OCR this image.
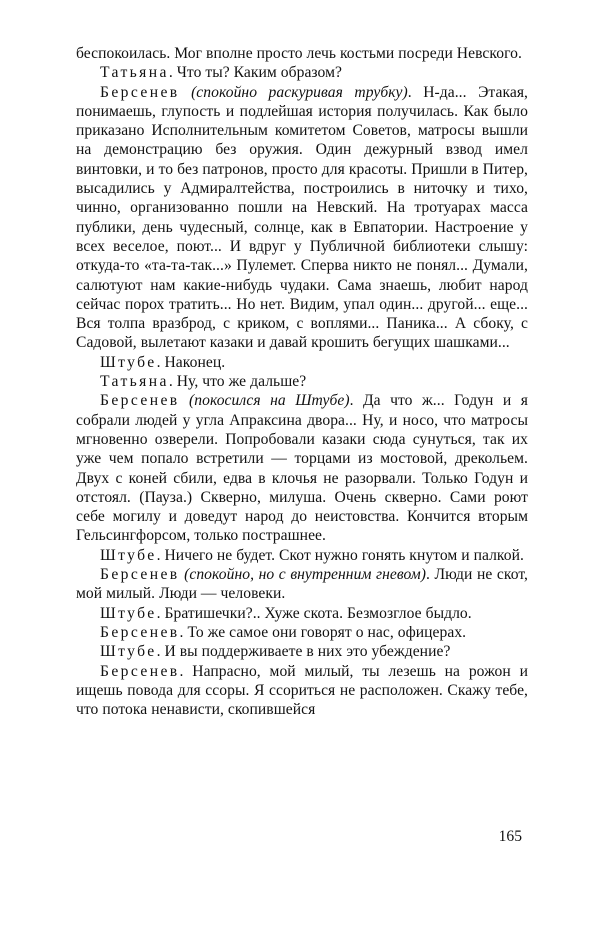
беспокоилась. Мог вполне просто лечь костьми посреди Невского.

Татьяна. Что ты? Каким образом?

Берсенев (спокойно раскуривая трубку). Н-да... Этакая, понимаешь, глупость и подлейшая история получилась. Как было приказано Исполнительным комитетом Советов, матросы вышли на демонстрацию без оружия. Один дежурный взвод имел винтовки, и то без патронов, просто для красоты. Пришли в Питер, высадились у Адмиралтейства, построились в ниточку и тихо, чинно, организованно пошли на Невский. На тротуарах масса публики, день чудесный, солнце, как в Евпатории. Настроение у всех веселое, поют... И вдруг у Публичной библиотеки слышу: откуда-то «та-та-так...» Пулемет. Сперва никто не понял... Думали, салютуют нам какие-нибудь чудаки. Сама знаешь, любит народ сейчас порох тратить... Но нет. Видим, упал один... другой... еще... Вся толпа вразброд, с криком, с воплями... Паника... А сбоку, с Садовой, вылетают казаки и давай крошить бегущих шашками...

Штубе. Наконец.

Татьяна. Ну, что же дальше?

Берсенев (покосился на Штубе). Да что ж... Годун и я собрали людей у угла Апраксина двора... Ну, и носо, что матросы мгновенно озверели. Попробовали казаки сюда сунуться, так их уже чем попало встретили — торцами из мостовой, дрекольем. Двух с коней сбили, едва в клочья не разорвали. Только Годун и отстоял. (Пауза.) Скверно, милуша. Очень скверно. Сами роют себе могилу и доведут народ до неистовства. Кончится вторым Гельсингфорсом, только пострашнее.

Штубе. Ничего не будет. Скот нужно гонять кнутом и палкой.

Берсенев (спокойно, но с внутренним гневом). Люди не скот, мой милый. Люди — человеки.

Штубе. Братишечки?.. Хуже скота. Безмозглое быдло.

Берсенев. То же самое они говорят о нас, офицерах.

Штубе. И вы поддерживаете в них это убеждение?

Берсенев. Напрасно, мой милый, ты лезешь на рожон и ищешь повода для ссоры. Я ссориться не расположен. Скажу тебе, что потока ненависти, скопившейся

165
